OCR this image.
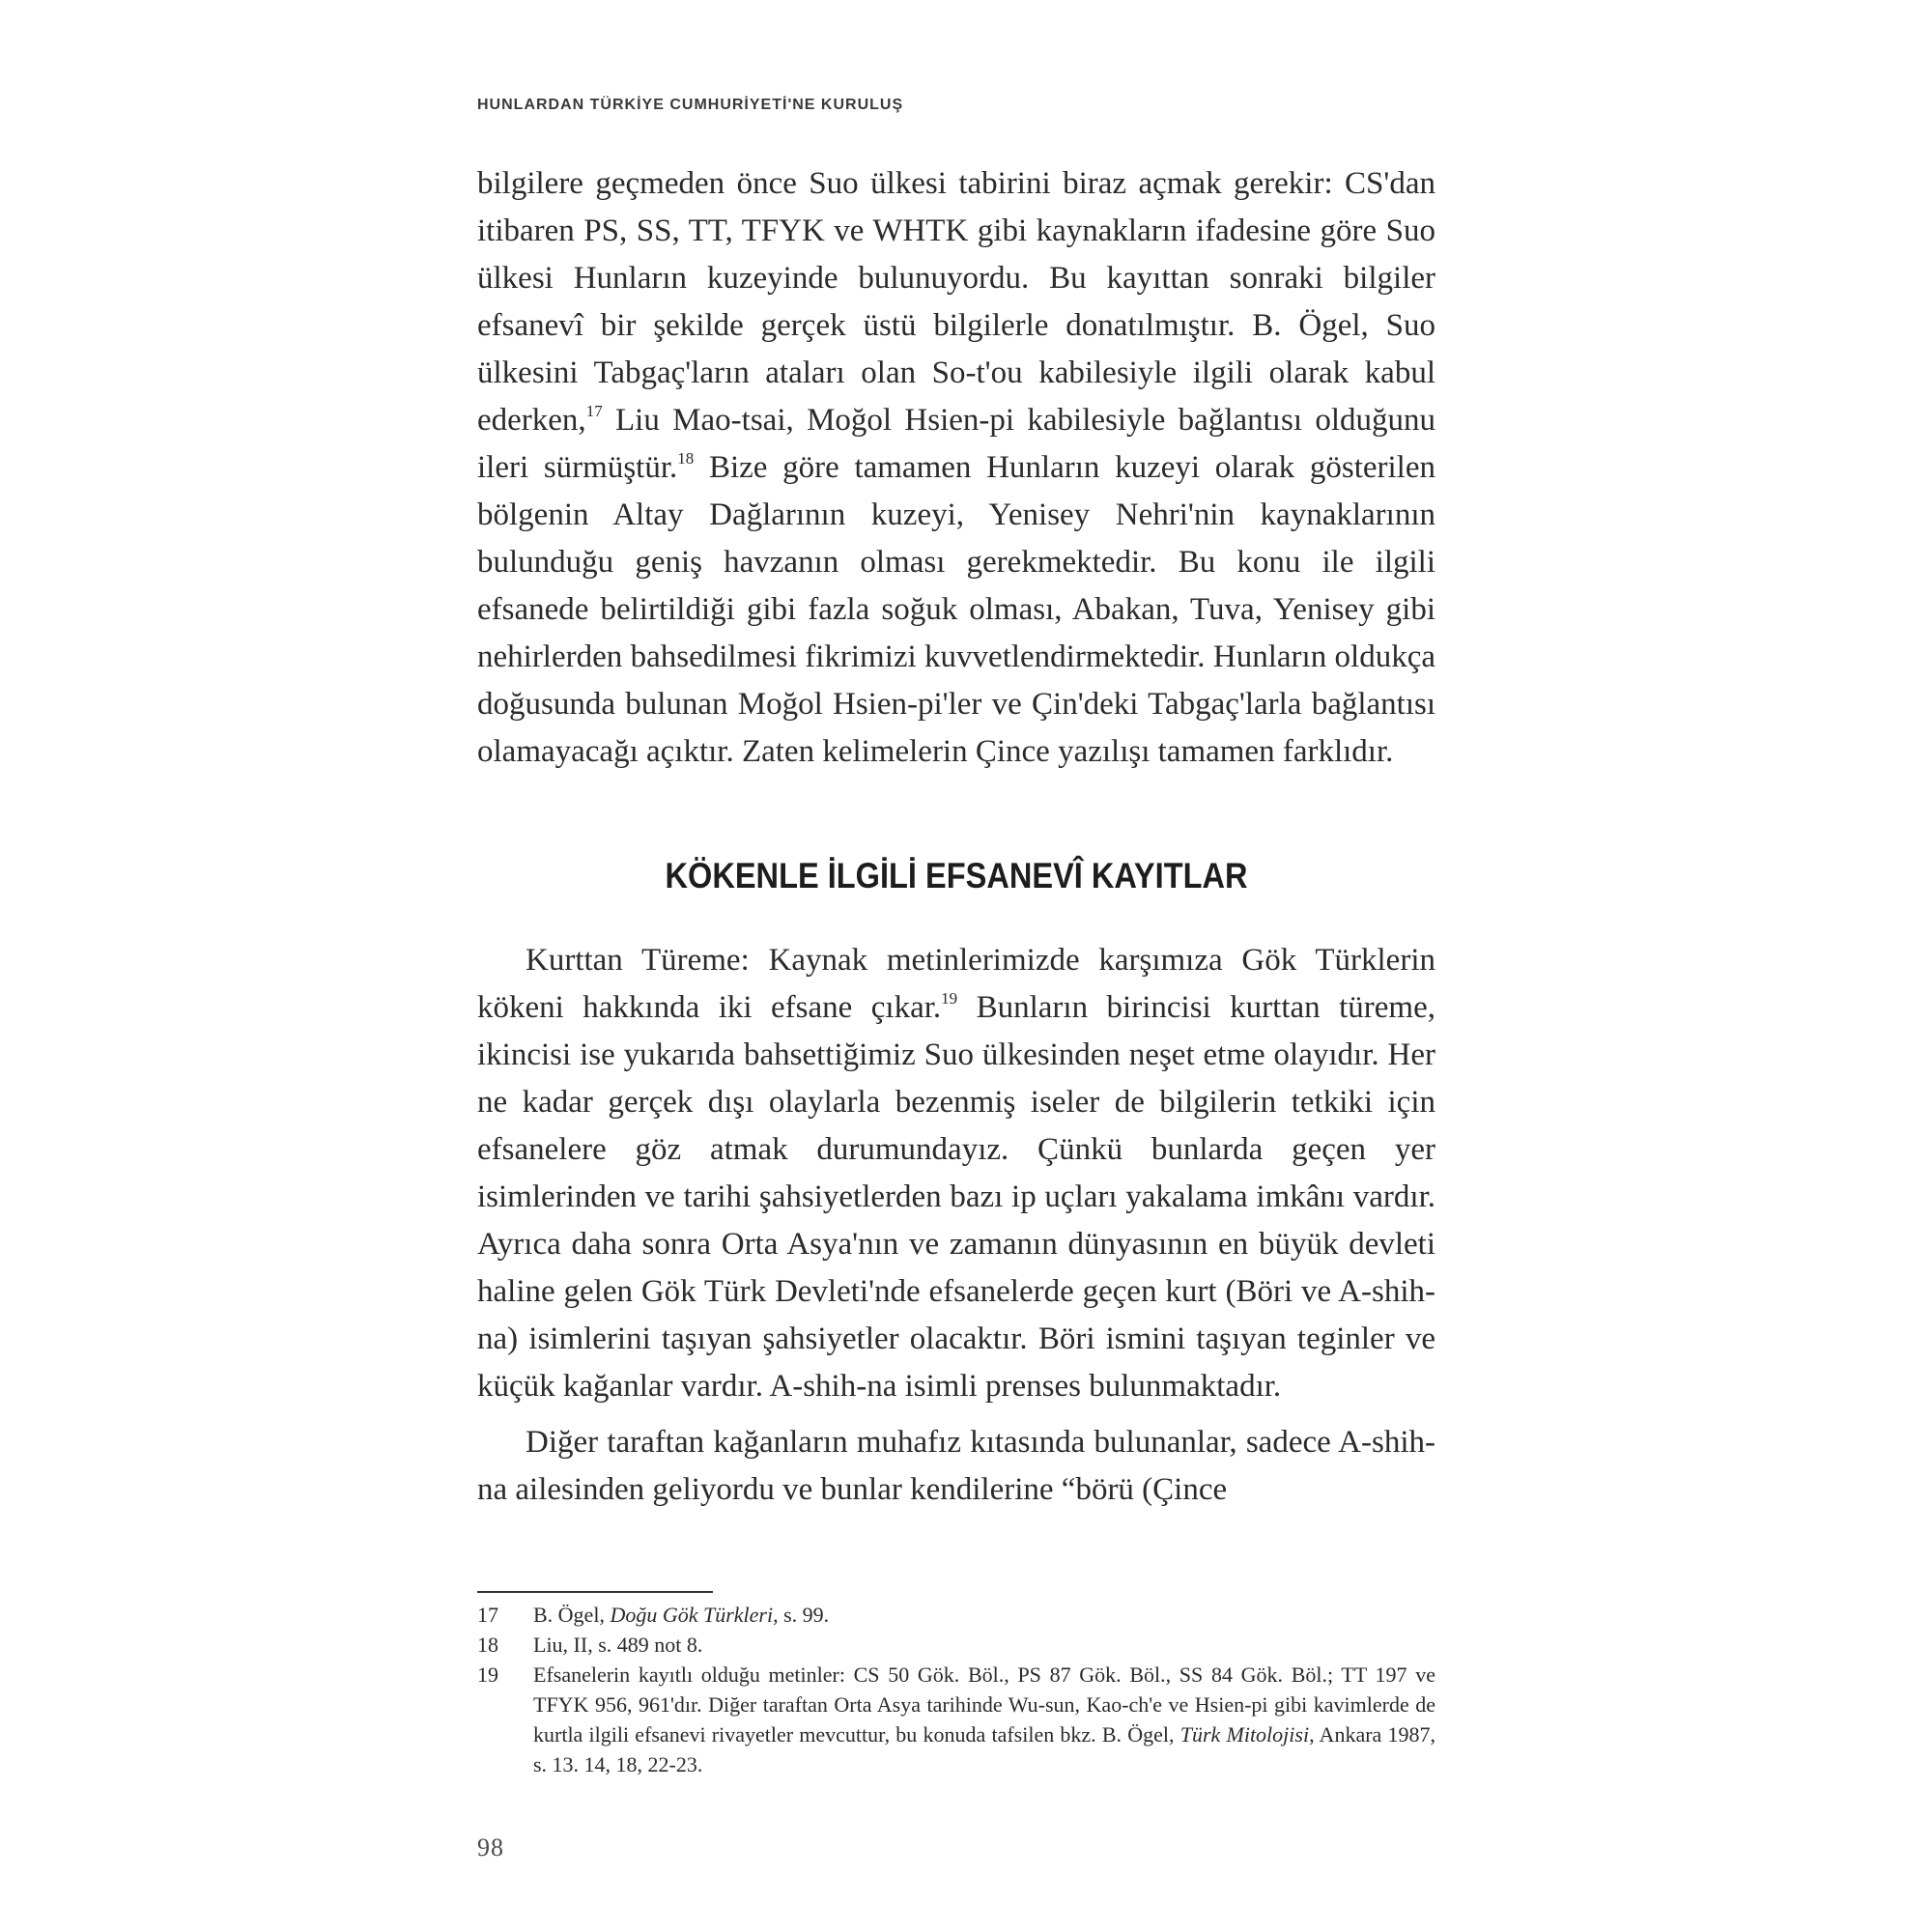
HUNLARDAN TÜRKİYE CUMHURİYETİ'NE KURULUŞ

bilgilere geçmeden önce Suo ülkesi tabirini biraz açmak gerekir: CS'dan itibaren PS, SS, TT, TFYK ve WHTK gibi kaynakların ifadesine göre Suo ülkesi Hunların kuzeyinde bulunuyordu. Bu kayıttan sonraki bilgiler efsanevî bir şekilde gerçek üstü bilgilerle donatılmıştır. B. Ögel, Suo ülkesini Tabgaç'ların ataları olan So-t'ou kabilesiyle ilgili olarak kabul ederken,$^{17}$ Liu Mao-tsai, Moğol Hsien-pi kabilesiyle bağlantısı olduğunu ileri sürmüştür.$^{18}$ Bize göre tamamen Hunların kuzeyi olarak gösterilen bölgenin Altay Dağlarının kuzeyi, Yenisey Nehri'nin kaynaklarının bulunduğu geniş havzanın olması gerekmektedir. Bu konu ile ilgili efsanede belirtildiği gibi fazla soğuk olması, Abakan, Tuva, Yenisey gibi nehirlerden bahsedilmesi fikrimizi kuvvetlendirmektedir. Hunların oldukça doğusunda bulunan Moğol Hsien-pi'ler ve Çin'deki Tabgaç'larla bağlantısı olamayacağı açıktır. Zaten kelimelerin Çince yazılışı tamamen farklıdır.

KÖKENLE İLGİLİ EFSANEVÎ KAYITLAR

Kurttan Türeme: Kaynak metinlerimizde karşımıza Gök Türklerin kökeni hakkında iki efsane çıkar.$^{19}$ Bunların birincisi kurttan türeme, ikincisi ise yukarıda bahsettiğimiz Suo ülkesinden neşet etme olayıdır. Her ne kadar gerçek dışı olaylarla bezenmiş iseler de bilgilerin tetkiki için efsanelere göz atmak durumundayız. Çünkü bunlarda geçen yer isimlerinden ve tarihi şahsiyetlerden bazı ip uçları yakalama imkânı vardır. Ayrıca daha sonra Orta Asya'nın ve zamanın dünyasının en büyük devleti haline gelen Gök Türk Devleti'nde efsanelerde geçen kurt (Böri ve A-shih-na) isimlerini taşıyan şahsiyetler olacaktır. Böri ismini taşıyan teginler ve küçük kağanlar vardır. A-shih-na isimli prenses bulunmaktadır.

Diğer taraftan kağanların muhafız kıtasında bulunanlar, sadece A-shih-na ailesinden geliyordu ve bunlar kendilerine “börü (Çince

17	B. Ögel, Doğu Gök Türkleri, s. 99.
18	Liu, II, s. 489 not 8.
19	Efsanelerin kayıtlı olduğu metinler: CS 50 Gök. Böl., PS 87 Gök. Böl., SS 84 Gök. Böl.; TT 197 ve TFYK 956, 961'dır. Diğer taraftan Orta Asya tarihinde Wu-sun, Kao-ch'e ve Hsien-pi gibi kavimlerde de kurtla ilgili efsanevi rivayetler mevcuttur, bu konuda tafsilen bkz. B. Ögel, Türk Mitolojisi, Ankara 1987, s. 13. 14, 18, 22-23.
98
